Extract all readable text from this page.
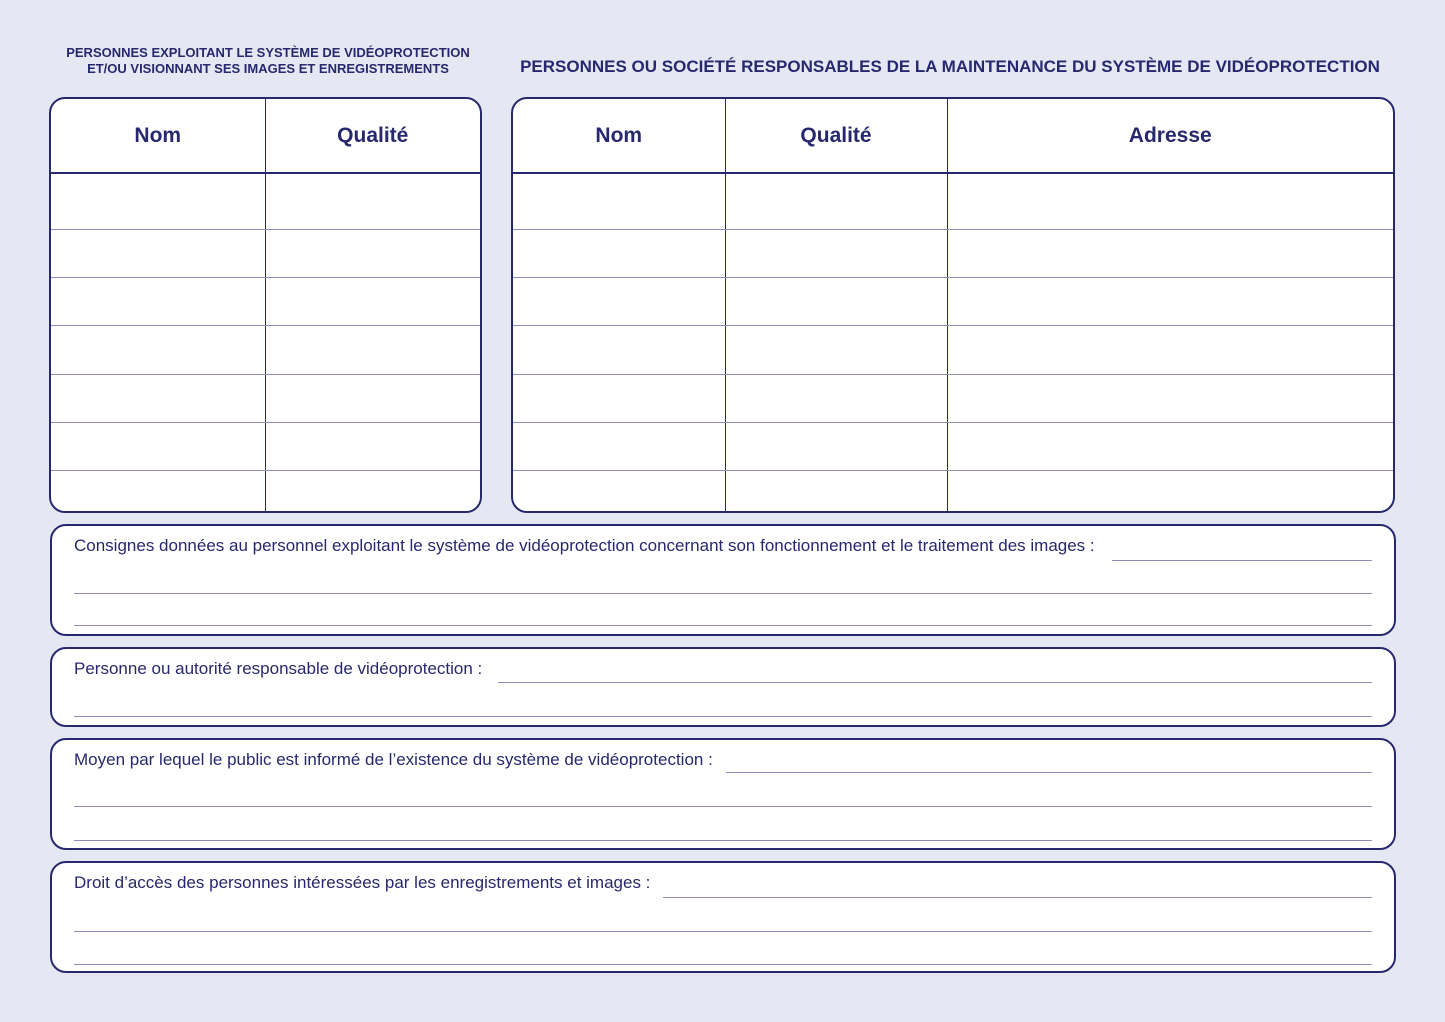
PERSONNES EXPLOITANT LE SYSTÈME DE VIDÉOPROTECTION
ET/OU VISIONNANT SES IMAGES ET ENREGISTREMENTS	PERSONNES OU SOCIÉTÉ RESPONSABLES DE LA MAINTENANCE DU SYSTÈME DE VIDÉOPROTECTION
Nom	Qualité

		Nom	Qualité	Adresse

Consignes données au personnel exploitant le système de vidéoprotection concernant son fonctionnement et le traitement des images :
Personne ou autorité responsable de vidéoprotection :
Moyen par lequel le public est informé de l’existence du système de vidéoprotection :
Droit d’accès des personnes intéressées par les enregistrements et images :
